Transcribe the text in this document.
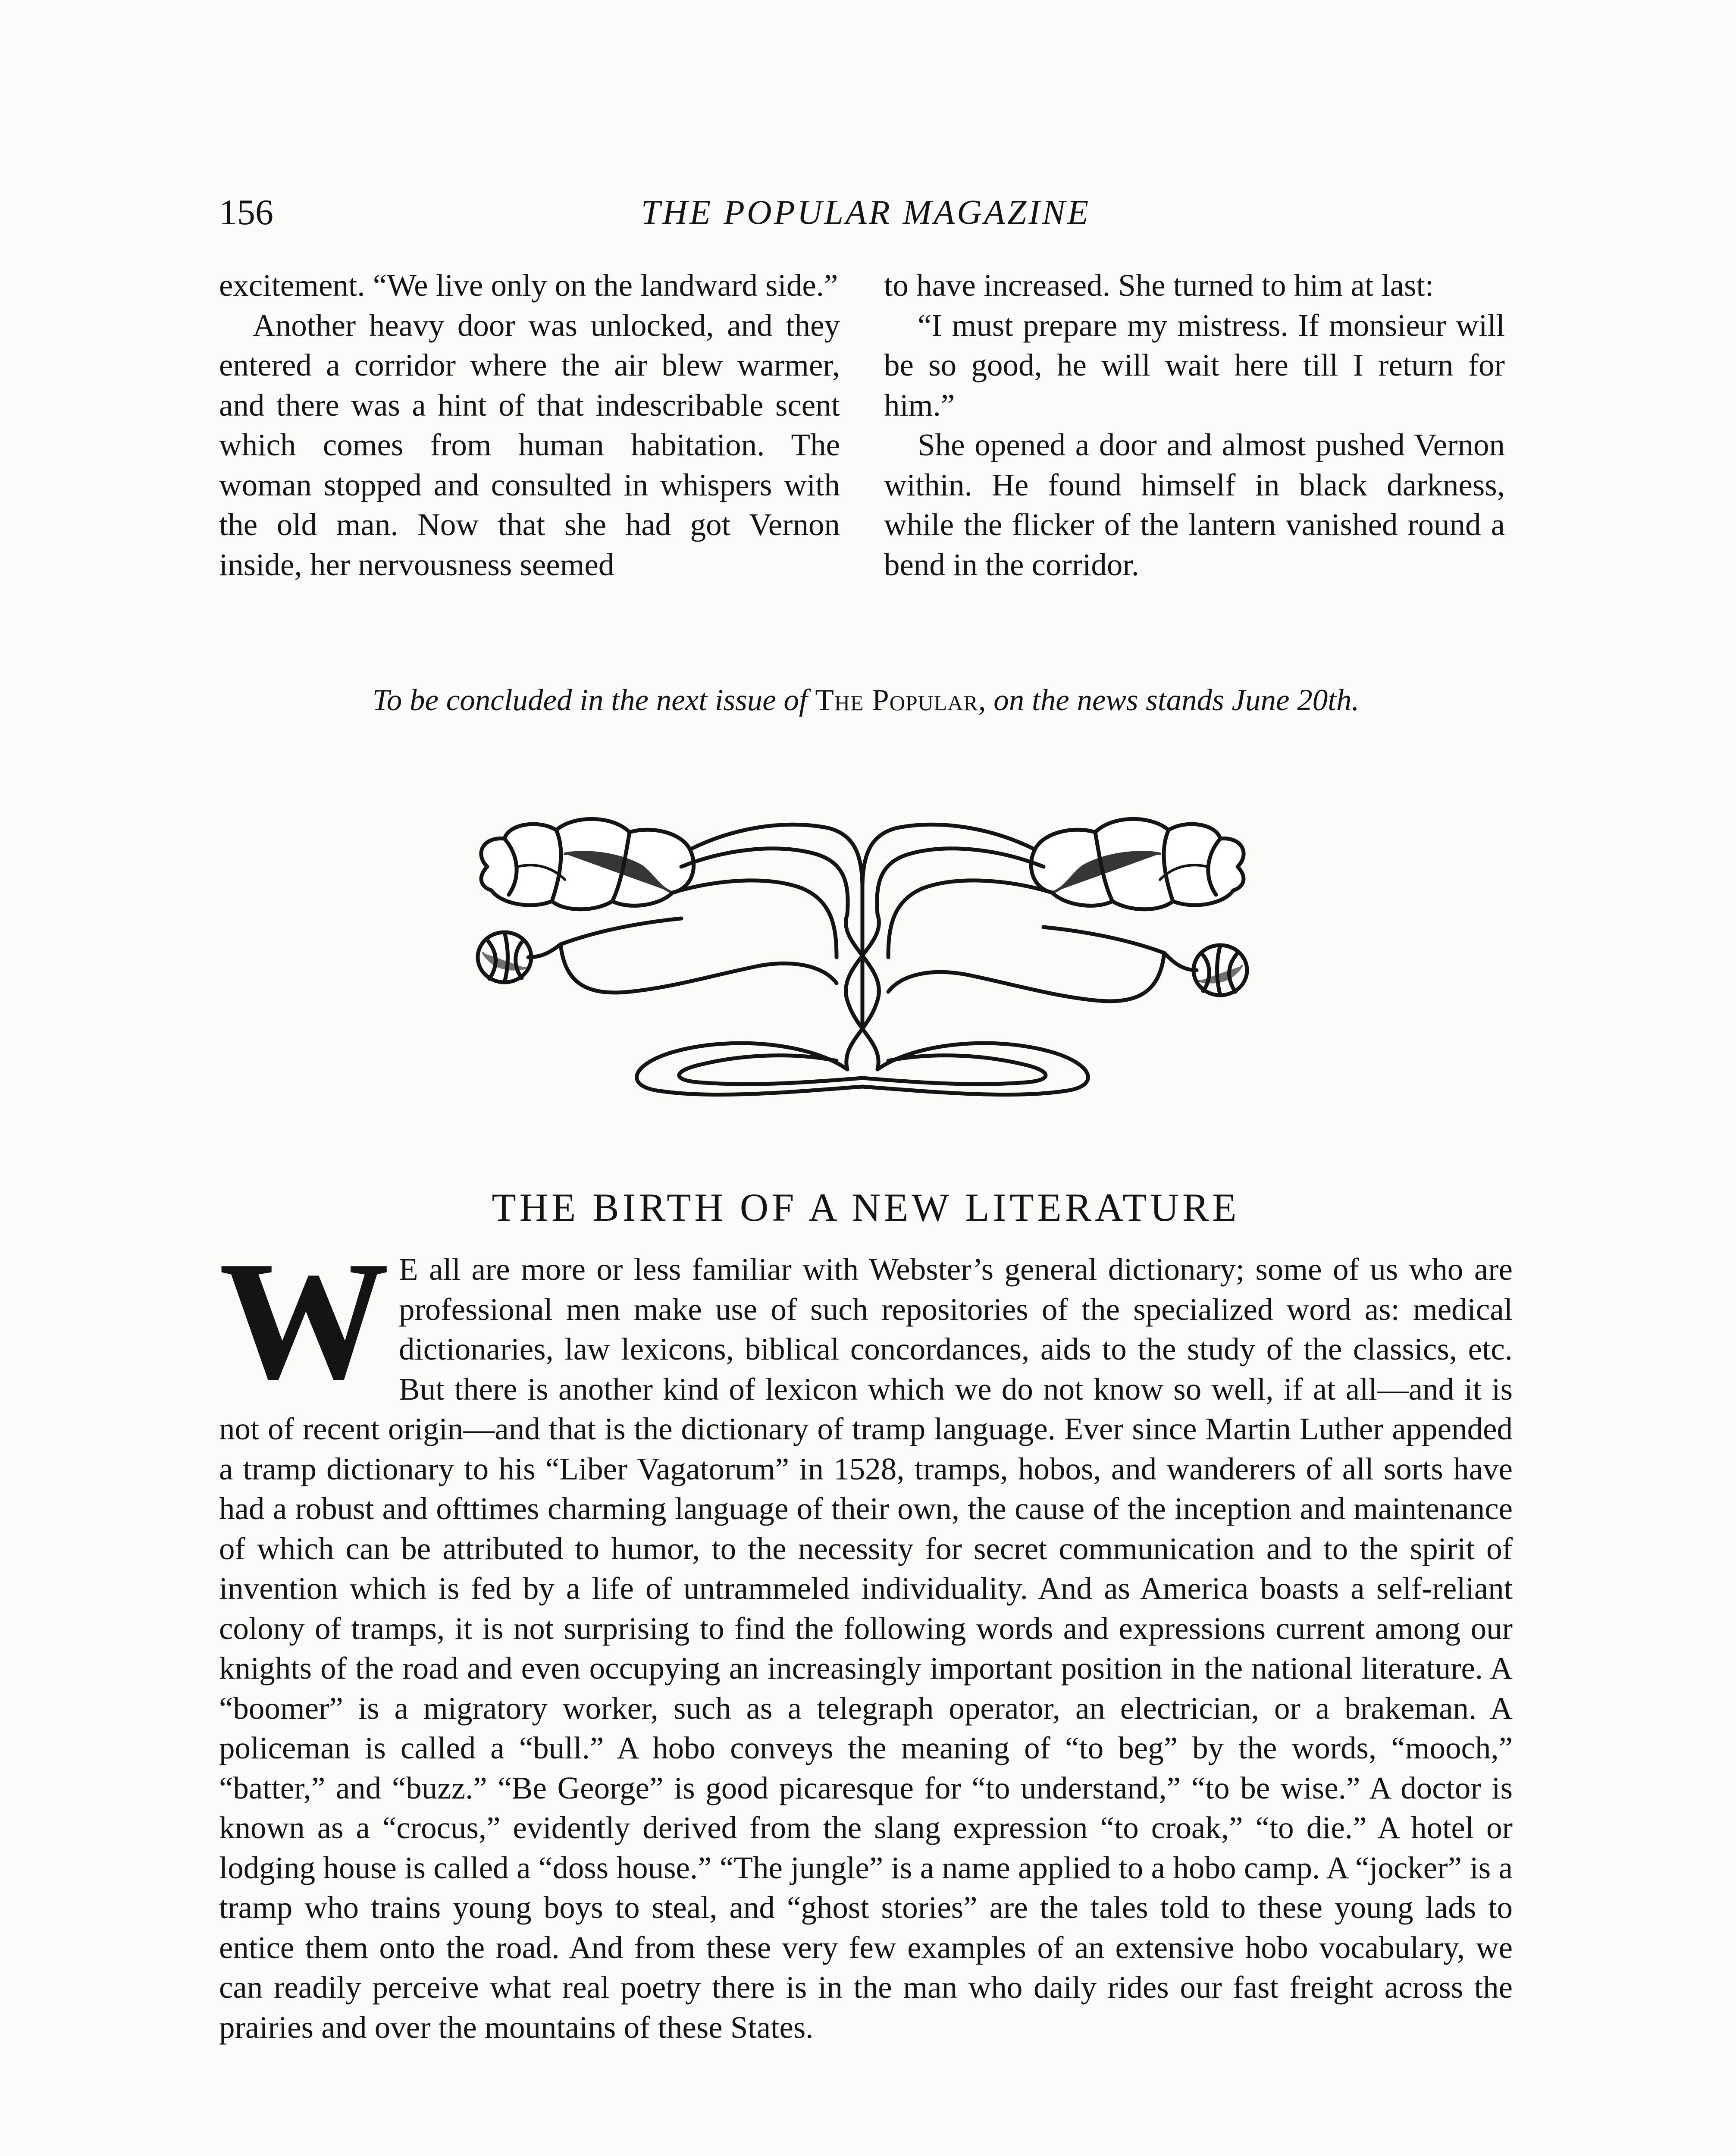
156	THE POPULAR MAGAZINE

excitement. “We live only on the landward side.”

Another heavy door was unlocked, and they entered a corridor where the air blew warmer, and there was a hint of that indescribable scent which comes from human habitation. The woman stopped and consulted in whispers with the old man. Now that she had got Vernon inside, her nervousness seemed

to have increased. She turned to him at last:

“I must prepare my mistress. If monsieur will be so good, he will wait here till I return for him.”

She opened a door and almost pushed Vernon within. He found himself in black darkness, while the flicker of the lantern vanished round a bend in the corridor.

To be concluded in the next issue of The Popular, on the news stands June 20th.
THE BIRTH OF A NEW LITERATURE
W E all are more or less familiar with Webster’s general dictionary; some of us who are professional men make use of such repositories of the specialized word as: medical dictionaries, law lexicons, biblical concordances, aids to the study of the classics, etc. But there is another kind of lexicon which we do not know so well, if at all—and it is not of recent origin—and that is the dictionary of tramp language. Ever since Martin Luther appended a tramp dictionary to his “Liber Vagatorum” in 1528, tramps, hobos, and wanderers of all sorts have had a robust and ofttimes charming language of their own, the cause of the inception and maintenance of which can be attributed to humor, to the necessity for secret communication and to the spirit of invention which is fed by a life of untrammeled individuality. And as America boasts a self-reliant colony of tramps, it is not surprising to find the following words and expressions current among our knights of the road and even occupying an increasingly important position in the national literature. A “boomer” is a migratory worker, such as a telegraph operator, an electrician, or a brakeman. A policeman is called a “bull.” A hobo conveys the meaning of “to beg” by the words, “mooch,” “batter,” and “buzz.” “Be George” is good picaresque for “to understand,” “to be wise.” A doctor is known as a “crocus,” evidently derived from the slang expression “to croak,” “to die.” A hotel or lodging house is called a “doss house.” “The jungle” is a name applied to a hobo camp. A “jocker” is a tramp who trains young boys to steal, and “ghost stories” are the tales told to these young lads to entice them onto the road. And from these very few examples of an extensive hobo vocabulary, we can readily perceive what real poetry there is in the man who daily rides our fast freight across the prairies and over the mountains of these States.
